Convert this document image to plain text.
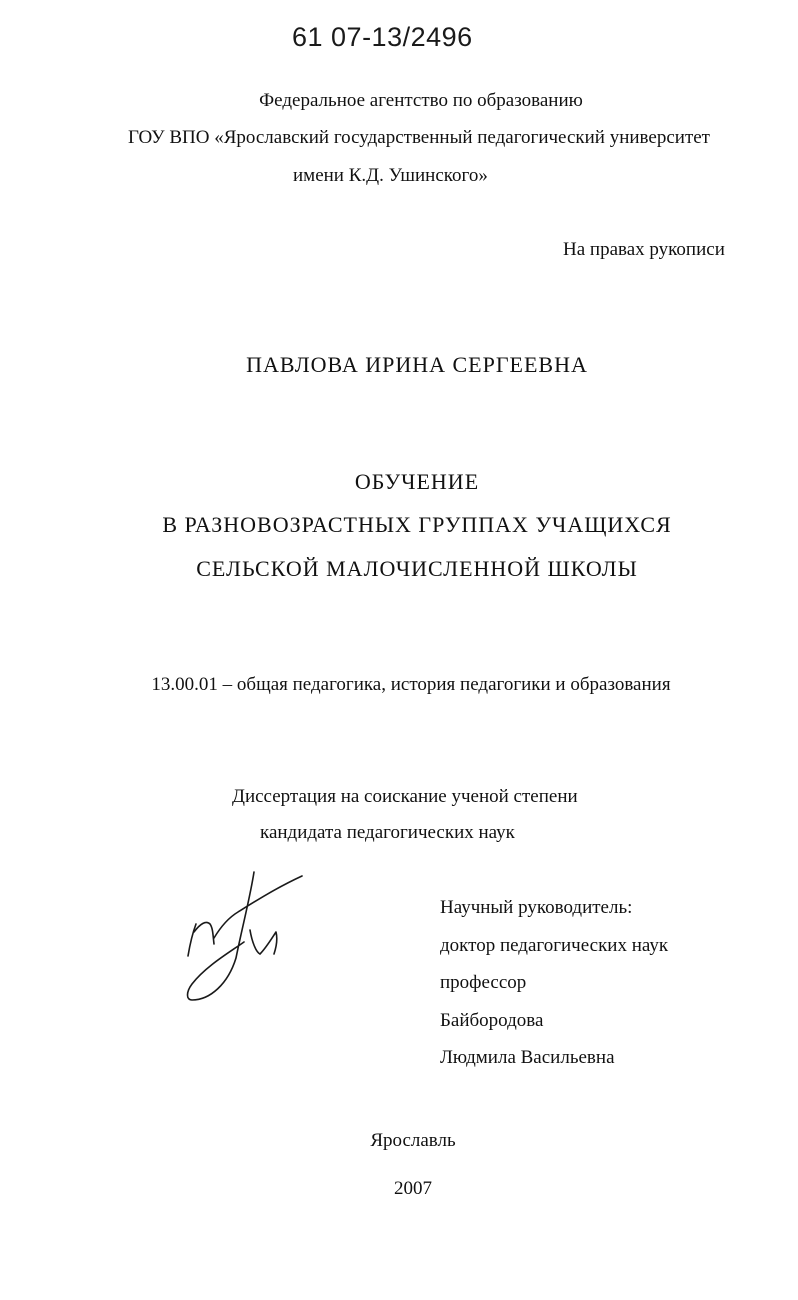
61 07-13/2496
Федеральное агентство по образованию
ГОУ ВПО «Ярославский государственный педагогический университет
имени К.Д. Ушинского»
На правах рукописи
ПАВЛОВА ИРИНА СЕРГЕЕВНА
ОБУЧЕНИЕ
В РАЗНОВОЗРАСТНЫХ ГРУППАХ УЧАЩИХСЯ
СЕЛЬСКОЙ МАЛОЧИСЛЕННОЙ ШКОЛЫ
13.00.01 – общая педагогика, история педагогики и образования
Диссертация на соискание ученой степени
кандидата педагогических наук
Научный руководитель:
доктор педагогических наук
профессор
Байбородова
Людмила Васильевна
Ярославль
2007
